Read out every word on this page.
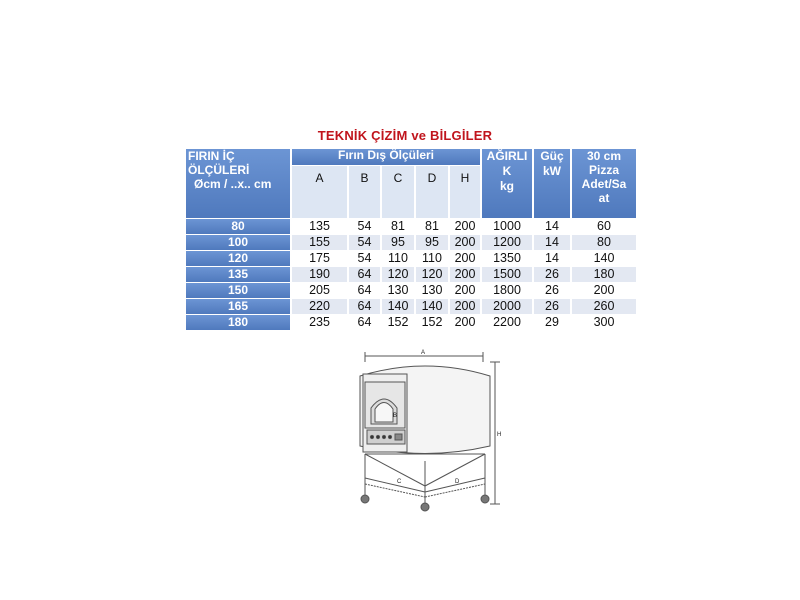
TEKNİK ÇİZİM ve BİLGİLER
FIRIN İÇ
ÖLÇÜLERİ
Øcm / ..x.. cm	Fırın Dış Ölçüleri					AĞIRLI
K
kg	Güç
kW	30 cm
Pizza
Adet/Sa
at

	A	B	C	D	H			
80	135	54	81	81	200	1000	14	60
100	155	54	95	95	200	1200	14	80
120	175	54	110	110	200	1350	14	140
135	190	64	120	120	200	1500	26	180
150	205	64	130	130	200	1800	26	200
165	220	64	140	140	200	2000	26	260
180	235	64	152	152	200	2200	29	300
A
B
C	D
H
